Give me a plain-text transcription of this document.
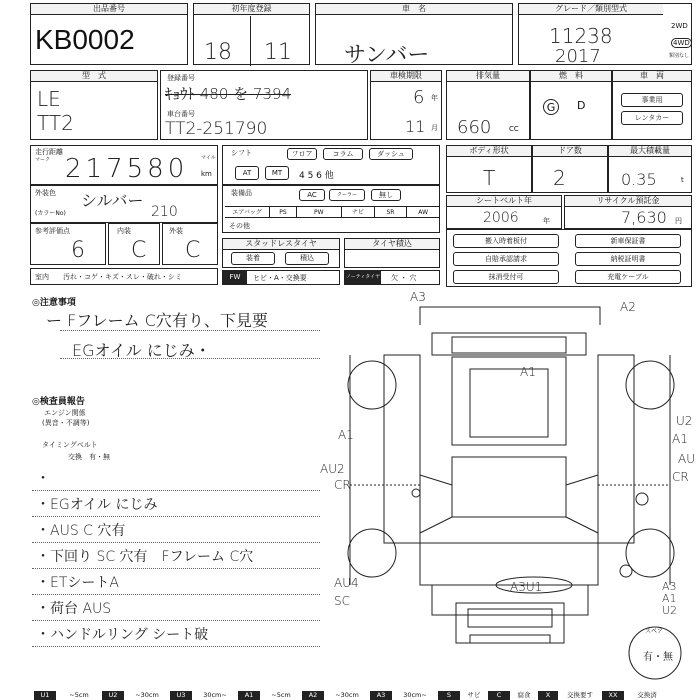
出品番号
KB0002
初年度登録
18 11
車　名
サンバー
グレード／類別型式
11238
2017
2WD
4WD
類別なし
型　式
LE
TT2
登録番号
ｷｮｳﾄ 480 を 7394
車台番号
TT2-251790
車検期限
6 年
11 月
排気量
660	CC
燃　料
G	D
車　両
事業用
レンタカー
走行距離
マーク 217580	マイル
km
シフト	フロア	コラム	ダッシュ
AT	MT	4 5 6 他
ボディ形状
T
ドア数
2
最大積載量
0.35	t
外装色
(カラーNo)
シルバー
210
装備品	AC	クーラー	無し
エアバッグ	PS	PW	ナビ	SR	AW
その他
シートベルト年
2006	年
リサイクル預託金
7,630 円
参考評価点
6
内装
C
外装
C	スタッドレスタイヤ
装着	積込
タイヤ積込	搬入時着板付	新車保証書
自賠承認請求	納税証明書
抹消受付可	充電ケーブル
室内 汚れ・コゲ・キズ・スレ・破れ・シミ	FW	ヒビ・A・交換要	ノーティタイヤ 欠 ・ 穴
◎注意事項
ー Fフレーム C穴有り、下見要
EGオイル にじみ・
◎検査員報告
エンジン関係
(異音・不調等)
タイミングベルト
交換　有・無
・
・EGオイル にじみ
・AUS C 穴有
・下回り SC 穴有　Fフレーム C穴
・ETシートA
・荷台 AUS
・ハンドルリング シート破
A3
A2
A1
A1
U2
A1
AU
CR
AU2
CR
AU4
SC
A3U1	A3
A1
U2
スペア
有・無
U1	~5cm	U2	~30cm	U3	30cm~	A1	~5cm	A2	~30cm	A3	30cm~	S	サビ	C	腐食	X	交換要す	XX	交換済
